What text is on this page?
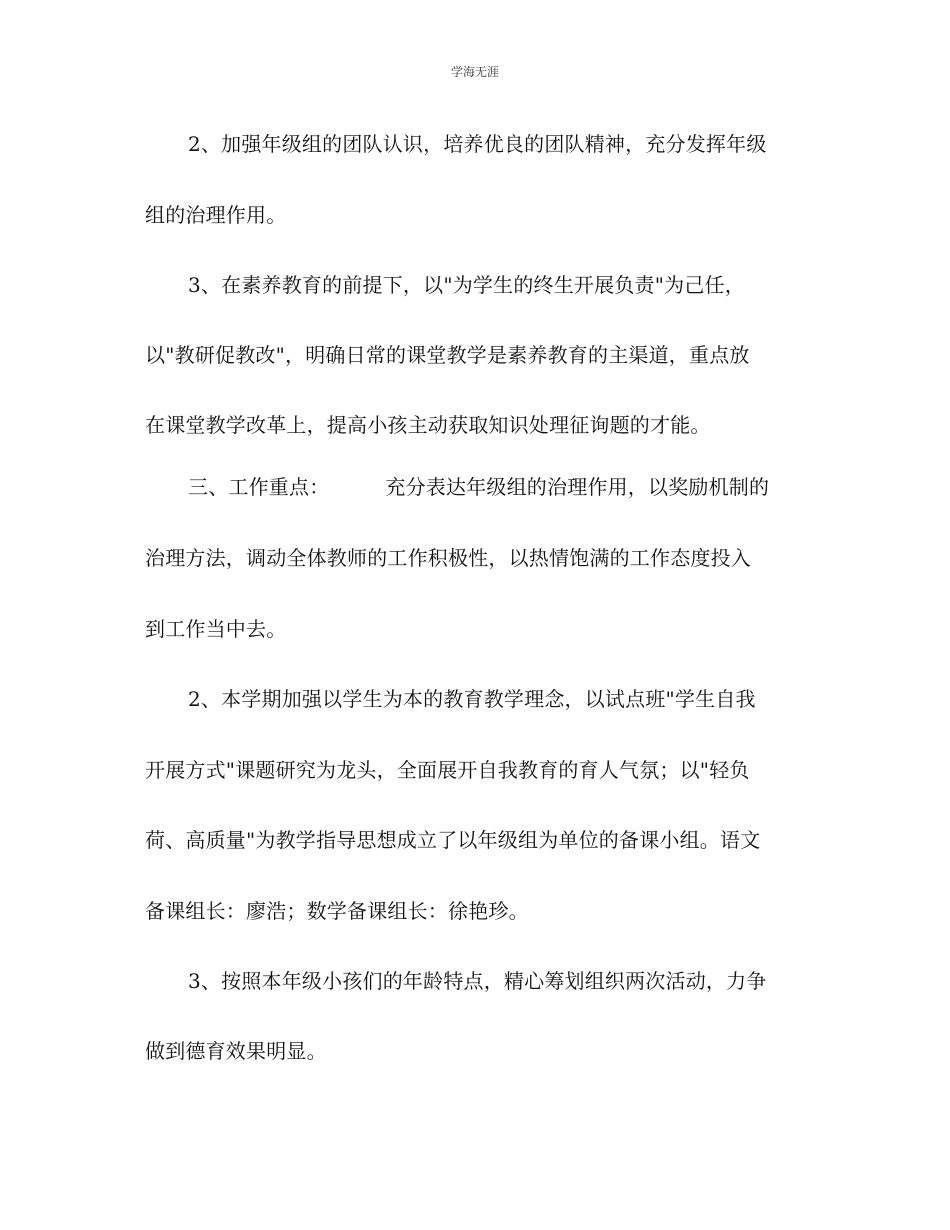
学海无涯
2、加强年级组的团队认识，培养优良的团队精神，充分发挥年级
组的治理作用。
3、在素养教育的前提下，以"为学生的终生开展负责"为己任，
以"教研促教改"，明确日常的课堂教学是素养教育的主渠道，重点放
在课堂教学改革上，提高小孩主动获取知识处理征询题的才能。
三、工作重点：	充分表达年级组的治理作用，以奖励机制的
治理方法，调动全体教师的工作积极性，以热情饱满的工作态度投入
到工作当中去。
2、本学期加强以学生为本的教育教学理念，以试点班"学生自我
开展方式"课题研究为龙头，全面展开自我教育的育人气氛；以"轻负
荷、高质量"为教学指导思想成立了以年级组为单位的备课小组。语文
备课组长：廖浩；数学备课组长：徐艳珍。
3、按照本年级小孩们的年龄特点，精心筹划组织两次活动，力争
做到德育效果明显。
